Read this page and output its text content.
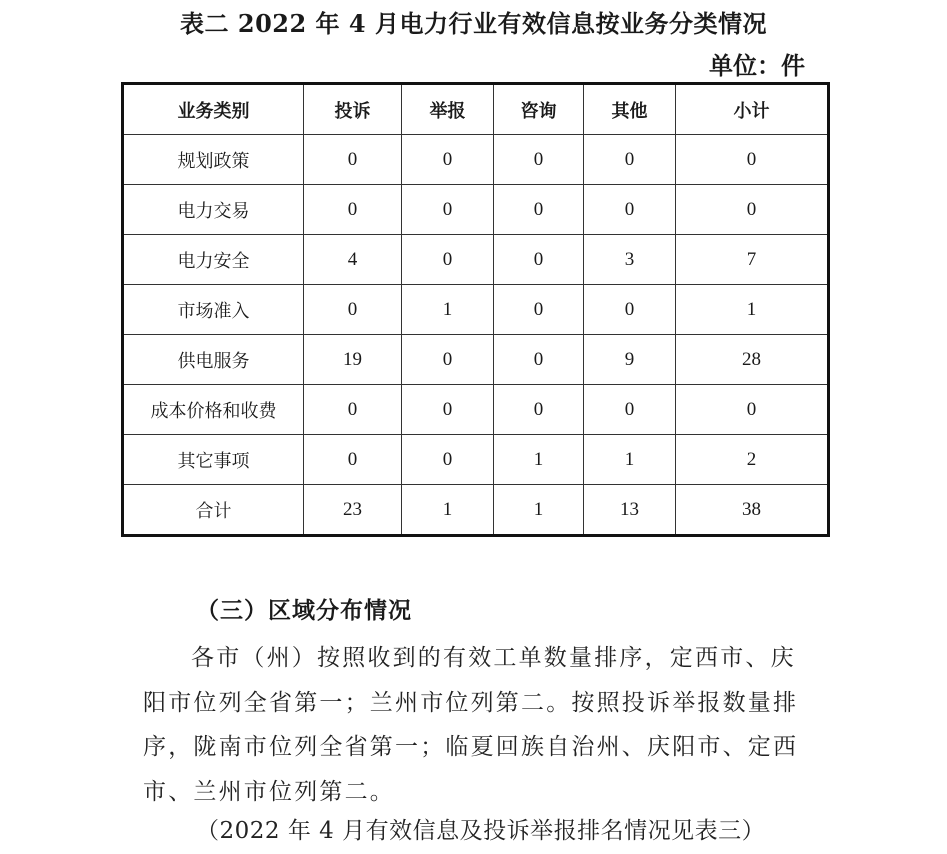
表二 2022 年 4 月电力行业有效信息按业务分类情况
单位：件
业务类别	投诉	举报	咨询	其他	小计
规划政策	0	0	0	0	0
电力交易	0	0	0	0	0
电力安全	4	0	0	3	7
市场准入	0	1	0	0	1
供电服务	19	0	0	9	28
成本价格和收费	0	0	0	0	0
其它事项	0	0	1	1	2
合计	23	1	1	13	38
（三）区域分布情况
各市（州）按照收到的有效工单数量排序，定西市、庆阳市位列全省第一；兰州市位列第二。按照投诉举报数量排序，陇南市位列全省第一；临夏回族自治州、庆阳市、定西市、兰州市位列第二。
（2022 年 4 月有效信息及投诉举报排名情况见表三）
